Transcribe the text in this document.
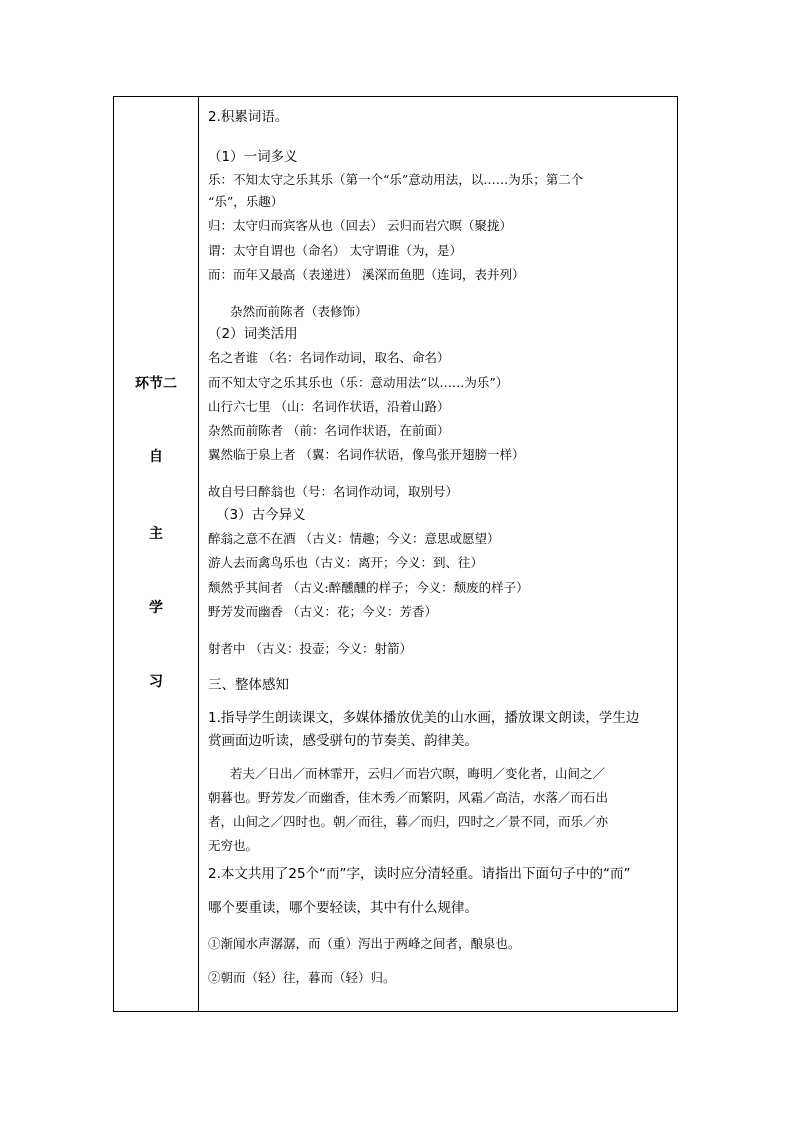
环节二
自
主
学
习
2.积累词语。
（1）一词多义
乐：不知太守之乐其乐（第一个“乐”意动用法，以……为乐；第二个
“乐”，乐趣）
归：太守归而宾客从也（回去） 云归而岩穴暝（聚拢）
谓：太守自谓也（命名） 太守谓谁（为，是）
而：而年又最高（表递进） 溪深而鱼肥（连词，表并列）
杂然而前陈者（表修饰）
（2）词类活用
名之者谁 （名：名词作动词，取名、命名）
而不知太守之乐其乐也（乐：意动用法“以……为乐”）
山行六七里 （山：名词作状语，沿着山路）
杂然而前陈者 （前：名词作状语，在前面）
翼然临于泉上者 （翼：名词作状语，像鸟张开翅膀一样）
故自号曰醉翁也（号：名词作动词，取别号）
（3）古今异义
醉翁之意不在酒 （古义：情趣；今义：意思或愿望）
游人去而禽鸟乐也（古义：离开；今义：到、往）
颓然乎其间者 （古义:醉醺醺的样子；今义：颓废的样子）
野芳发而幽香 （古义：花；今义：芳香）
射者中 （古义：投壶；今义：射箭）
三、整体感知
1.指导学生朗读课文，多媒体播放优美的山水画，播放课文朗读，学生边
赏画面边听读，感受骈句的节奏美、韵律美。
若夫／日出／而林霏开，云归／而岩穴暝，晦明／变化者，山间之／
朝暮也。野芳发／而幽香，佳木秀／而繁阴，风霜／高洁，水落／而石出
者，山间之／四时也。朝／而往，暮／而归，四时之／景不同，而乐／亦
无穷也。
2.本文共用了25个“而”字，读时应分清轻重。请指出下面句子中的“而”
哪个要重读，哪个要轻读，其中有什么规律。
①渐闻水声潺潺，而（重）泻出于两峰之间者，酿泉也。
②朝而（轻）往，暮而（轻）归。
